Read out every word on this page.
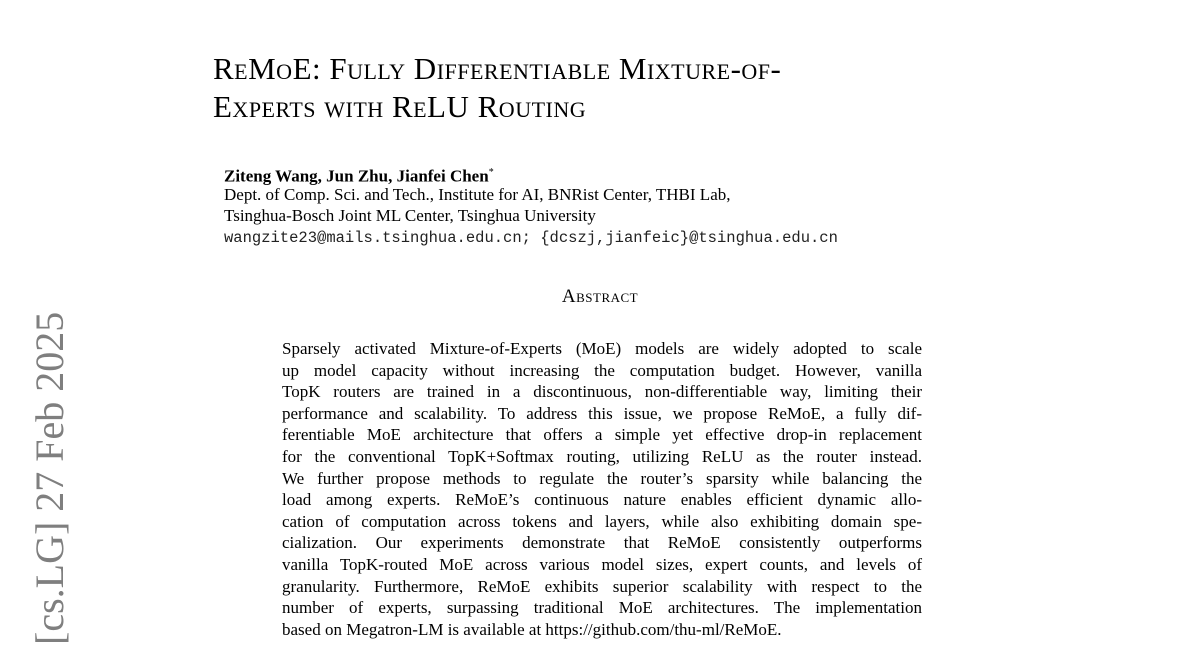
ReMoE: Fully Differentiable Mixture-of-
Experts with ReLU Routing
Ziteng Wang, Jun Zhu, Jianfei Chen*
Dept. of Comp. Sci. and Tech., Institute for AI, BNRist Center, THBI Lab,
Tsinghua-Bosch Joint ML Center, Tsinghua University
wangzite23@mails.tsinghua.edu.cn; {dcszj,jianfeic}@tsinghua.edu.cn
Abstract
Sparsely activated Mixture-of-Experts (MoE) models are widely adopted to scale
up model capacity without increasing the computation budget. However, vanilla
TopK routers are trained in a discontinuous, non-differentiable way, limiting their
performance and scalability. To address this issue, we propose ReMoE, a fully dif-
ferentiable MoE architecture that offers a simple yet effective drop-in replacement
for the conventional TopK+Softmax routing, utilizing ReLU as the router instead.
We further propose methods to regulate the router’s sparsity while balancing the
load among experts. ReMoE’s continuous nature enables efficient dynamic allo-
cation of computation across tokens and layers, while also exhibiting domain spe-
cialization. Our experiments demonstrate that ReMoE consistently outperforms
vanilla TopK-routed MoE across various model sizes, expert counts, and levels of
granularity. Furthermore, ReMoE exhibits superior scalability with respect to the
number of experts, surpassing traditional MoE architectures. The implementation
based on Megatron-LM is available at https://github.com/thu-ml/ReMoE.
[cs.LG] 27 Feb 2025
